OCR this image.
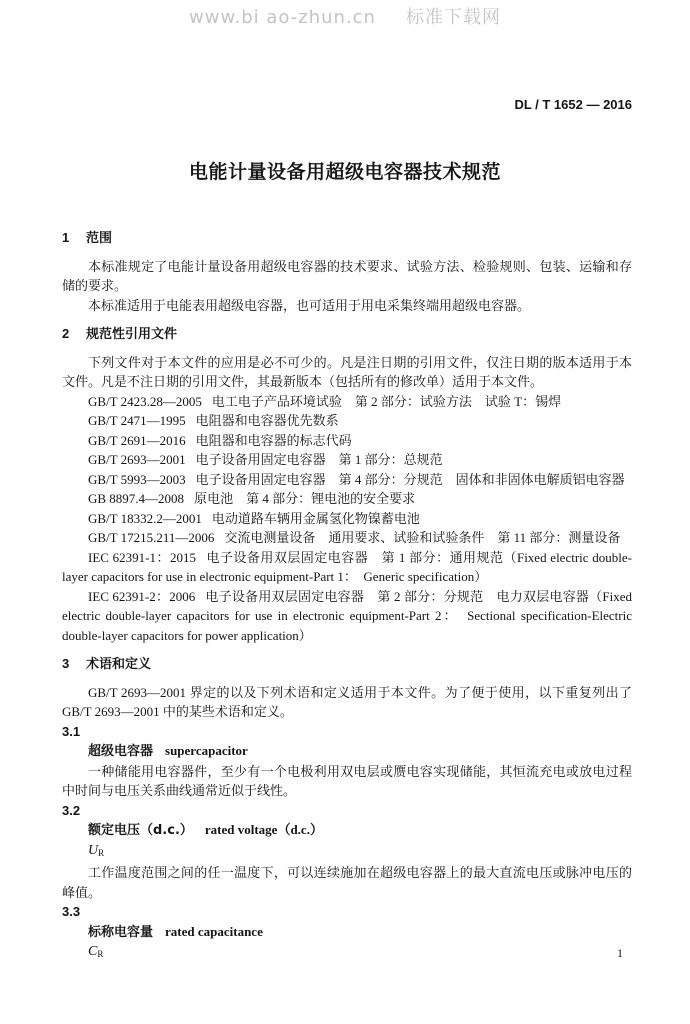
www.bi ao-zhun.cn 标准下载网
DL / T 1652 — 2016
电能计量设备用超级电容器技术规范
1 范围

本标准规定了电能计量设备用超级电容器的技术要求、试验方法、检验规则、包装、运输和存储的要求。

本标准适用于电能表用超级电容器，也可适用于用电采集终端用超级电容器。

2 规范性引用文件

下列文件对于本文件的应用是必不可少的。凡是注日期的引用文件，仅注日期的版本适用于本文件。凡是不注日期的引用文件，其最新版本（包括所有的修改单）适用于本文件。

GB/T 2423.28—2005 电工电子产品环境试验　第 2 部分：试验方法　试验 T：锡焊

GB/T 2471—1995 电阻器和电容器优先数系

GB/T 2691—2016 电阻器和电容器的标志代码

GB/T 2693—2001 电子设备用固定电容器　第 1 部分：总规范

GB/T 5993—2003 电子设备用固定电容器　第 4 部分：分规范　固体和非固体电解质铝电容器

GB 8897.4—2008 原电池　第 4 部分：锂电池的安全要求

GB/T 18332.2—2001 电动道路车辆用金属氢化物镍蓄电池

GB/T 17215.211—2006 交流电测量设备　通用要求、试验和试验条件　第 11 部分：测量设备

IEC 62391-1：2015 电子设备用双层固定电容器　第 1 部分：通用规范（Fixed electric double-layer capacitors for use in electronic equipment-Part 1：　Generic specification）

IEC 62391-2：2006 电子设备用双层固定电容器　第 2 部分：分规范　电力双层电容器（Fixed electric double-layer capacitors for use in electronic equipment-Part 2：　Sectional specification-Electric double-layer capacitors for power application）

3 术语和定义

GB/T 2693—2001 界定的以及下列术语和定义适用于本文件。为了便于使用，以下重复列出了 GB/T 2693—2001 中的某些术语和定义。

3.1
超级电容器 supercapacitor

一种储能用电容器件，至少有一个电极利用双电层或赝电容实现储能，其恒流充电或放电过程中时间与电压关系曲线通常近似于线性。

3.2
额定电压（d.c.） rated voltage（d.c.）
$U_R$

工作温度范围之间的任一温度下，可以连续施加在超级电容器上的最大直流电压或脉冲电压的峰值。

3.3
标称电容量 rated capacitance
$C_R$	1
